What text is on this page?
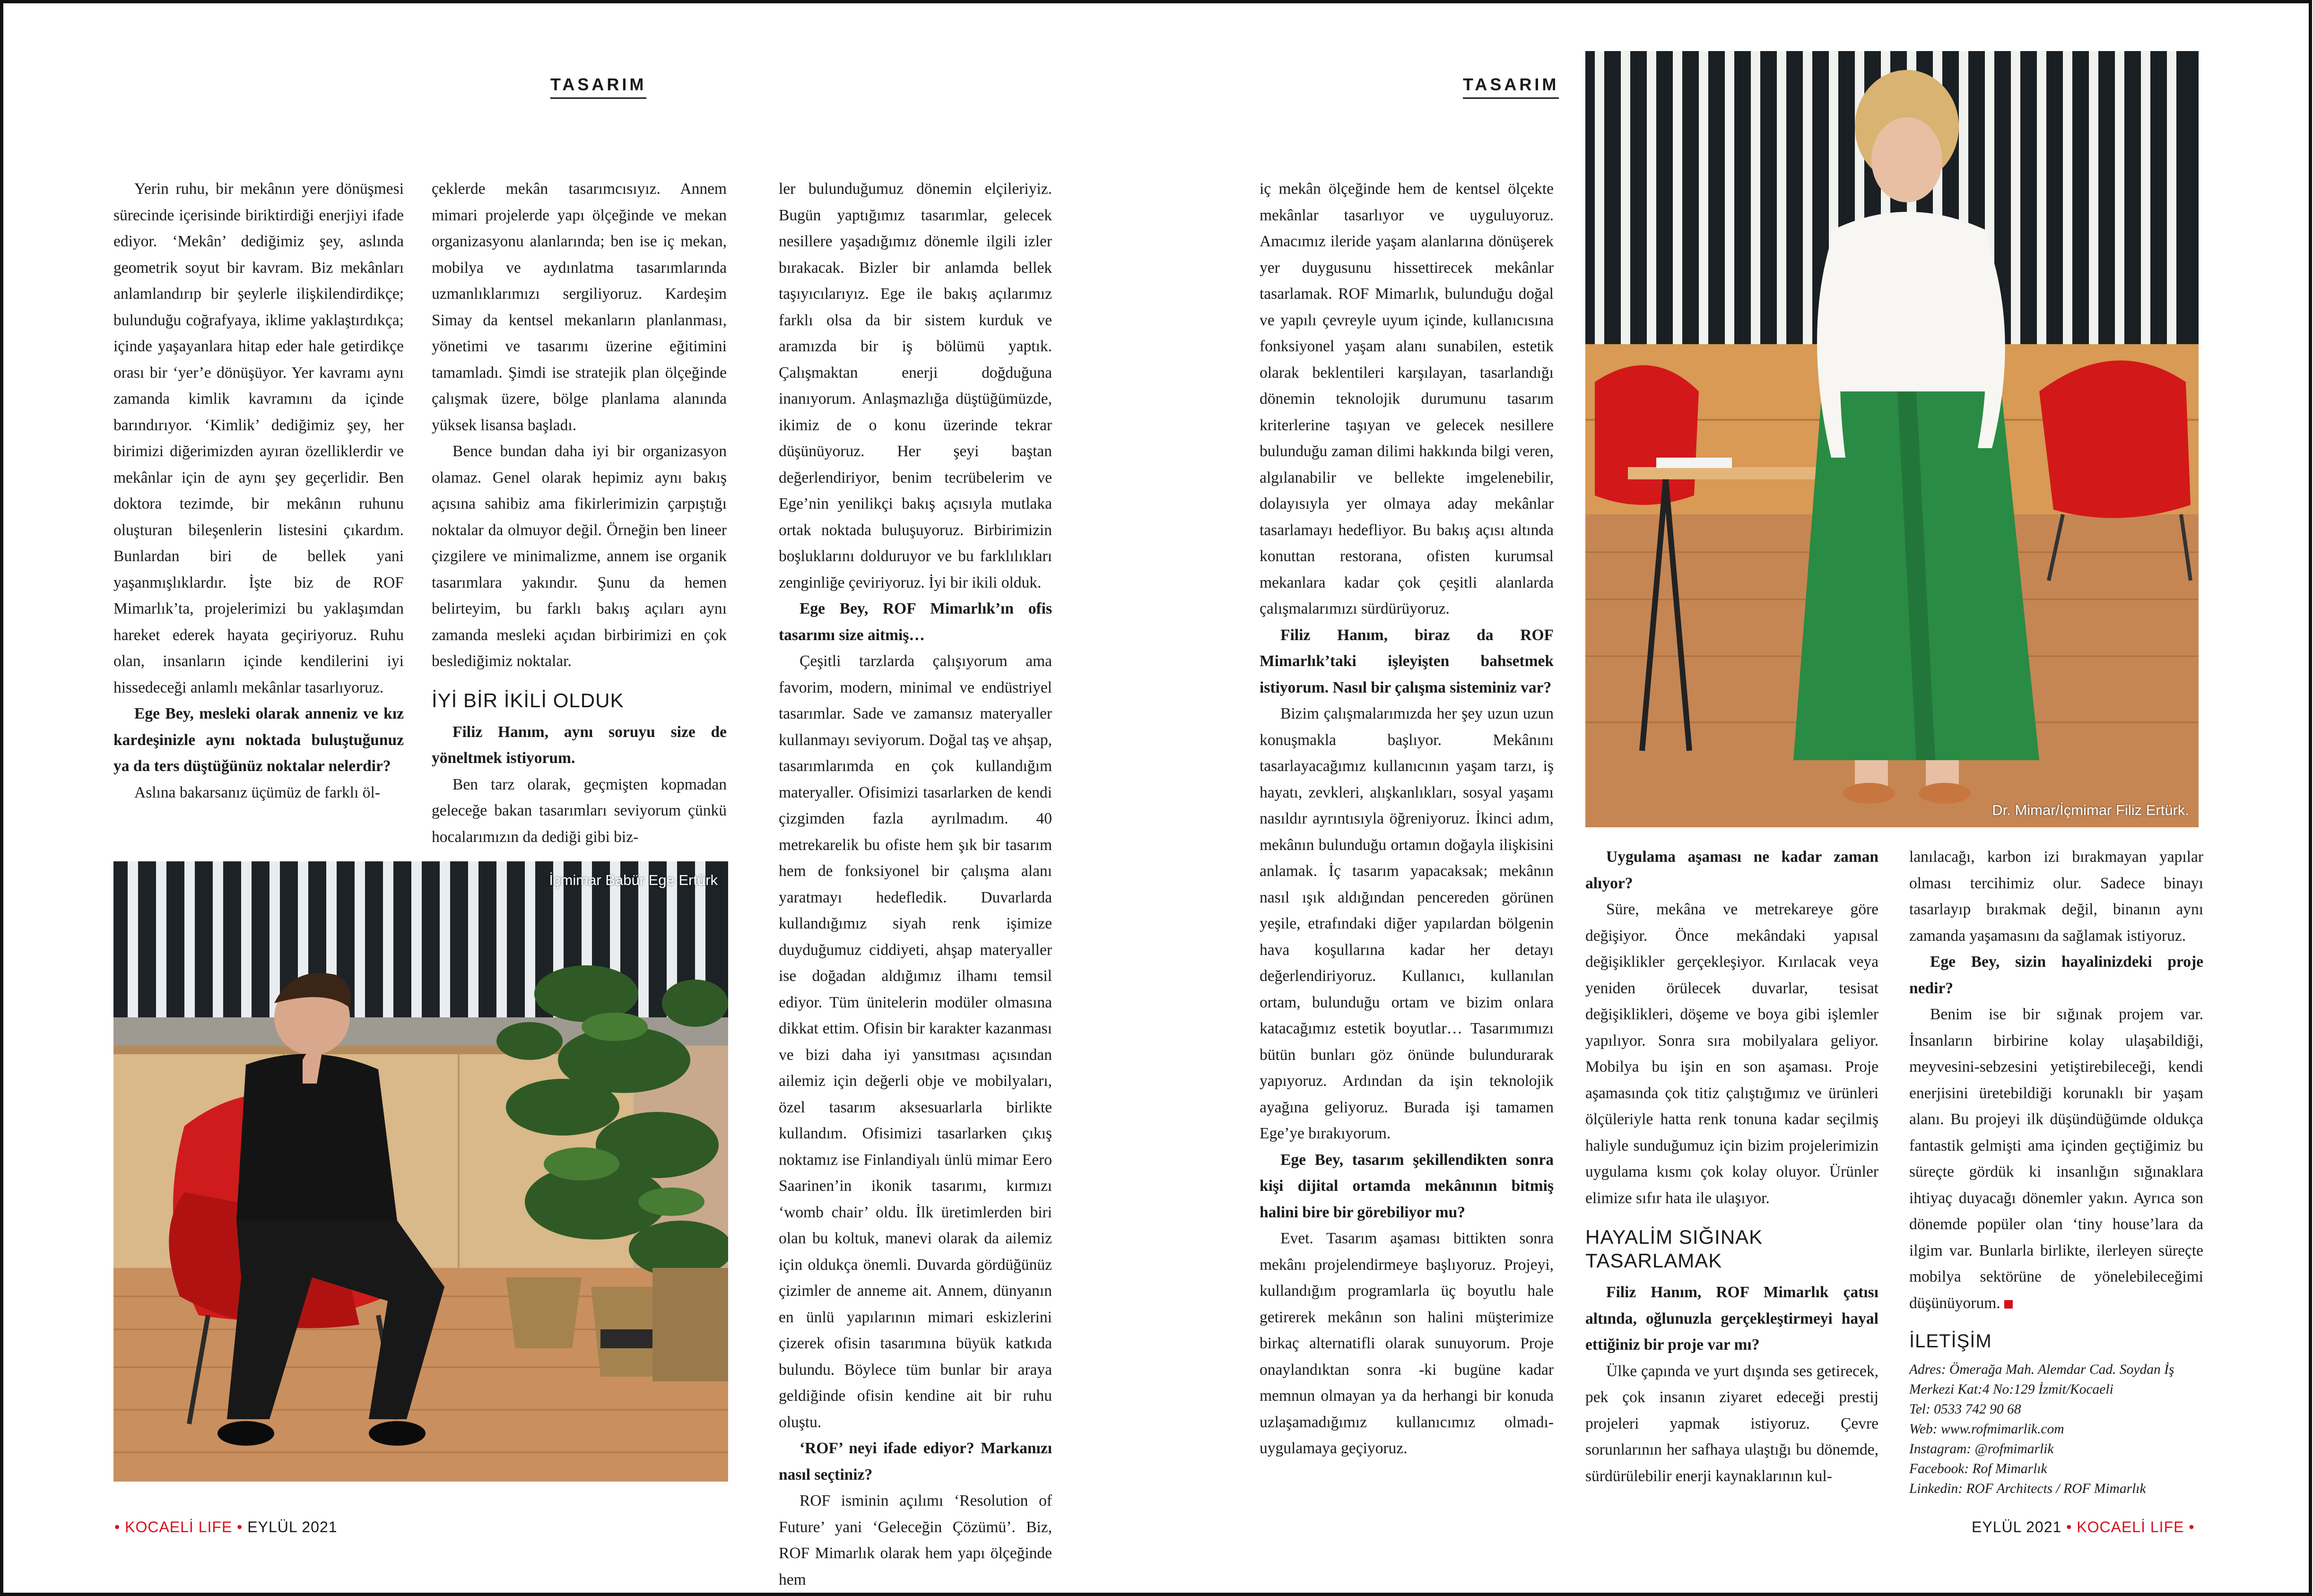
TASARIM

Yerin ruhu, bir mekânın yere dönüşmesi sürecinde içerisinde biriktirdiği enerjiyi ifade ediyor. ‘Mekân’ dediğimiz şey, aslında geometrik soyut bir kavram. Biz mekânları anlamlandırıp bir şeylerle ilişkilendirdikçe; bulunduğu coğrafyaya, iklime yaklaştırdıkça; içinde yaşayanlara hitap eder hale getirdikçe orası bir ‘yer’e dönüşüyor. Yer kavramı aynı zamanda kimlik kavramını da içinde barındırıyor. ‘Kimlik’ dediğimiz şey, her birimizi diğerimizden ayıran özelliklerdir ve mekânlar için de aynı şey geçerlidir. Ben doktora tezimde, bir mekânın ruhunu oluşturan bileşenlerin listesini çıkardım. Bunlardan biri de bellek yani yaşanmışlıklardır. İşte biz de ROF Mimarlık’ta, projelerimizi bu yaklaşımdan hareket ederek hayata geçiriyoruz. Ruhu olan, insanların içinde kendilerini iyi hissedeceği anlamlı mekânlar tasarlıyoruz.

Ege Bey, mesleki olarak anneniz ve kız kardeşinizle aynı noktada buluştuğunuz ya da ters düştüğünüz noktalar nelerdir?

Aslına bakarsanız üçümüz de farklı öl-

çeklerde mekân tasarımcısıyız. Annem mimari projelerde yapı ölçeğinde ve mekan organizasyonu alanlarında; ben ise iç mekan, mobilya ve aydınlatma tasarımlarında uzmanlıklarımızı sergiliyoruz. Kardeşim Simay da kentsel mekanların planlanması, yönetimi ve tasarımı üzerine eğitimini tamamladı. Şimdi ise stratejik plan ölçeğinde çalışmak üzere, bölge planlama alanında yüksek lisansa başladı.

Bence bundan daha iyi bir organizasyon olamaz. Genel olarak hepimiz aynı bakış açısına sahibiz ama fikirlerimizin çarpıştığı noktalar da olmuyor değil. Örneğin ben lineer çizgilere ve minimalizme, annem ise organik tasarımlara yakındır. Şunu da hemen belirteyim, bu farklı bakış açıları aynı zamanda mesleki açıdan birbirimizi en çok beslediğimiz noktalar.

İYİ BİR İKİLİ OLDUK

Filiz Hanım, aynı soruyu size de yöneltmek istiyorum.

Ben tarz olarak, geçmişten kopmadan geleceğe bakan tasarımları seviyorum çünkü hocalarımızın da dediği gibi biz-

ler bulunduğumuz dönemin elçileriyiz. Bugün yaptığımız tasarımlar, gelecek nesillere yaşadığımız dönemle ilgili izler bırakacak. Bizler bir anlamda bellek taşıyıcılarıyız. Ege ile bakış açılarımız farklı olsa da bir sistem kurduk ve aramızda bir iş bölümü yaptık. Çalışmaktan enerji doğduğuna inanıyorum. Anlaşmazlığa düştüğümüzde, ikimiz de o konu üzerinde tekrar düşünüyoruz. Her şeyi baştan değerlendiriyor, benim tecrübelerim ve Ege’nin yenilikçi bakış açısıyla mutlaka ortak noktada buluşuyoruz. Birbirimizin boşluklarını dolduruyor ve bu farklılıkları zenginliğe çeviriyoruz. İyi bir ikili olduk.

Ege Bey, ROF Mimarlık’ın ofis tasarımı size aitmiş…

Çeşitli tarzlarda çalışıyorum ama favorim, modern, minimal ve endüstriyel tasarımlar. Sade ve zamansız materyaller kullanmayı seviyorum. Doğal taş ve ahşap, tasarımlarımda en çok kullandığım materyaller. Ofisimizi tasarlarken de kendi çizgimden fazla ayrılmadım. 40 metrekarelik bu ofiste hem şık bir tasarım hem de fonksiyonel bir çalışma alanı yaratmayı hedefledik. Duvarlarda kullandığımız siyah renk işimize duyduğumuz ciddiyeti, ahşap materyaller ise doğadan aldığımız ilhamı temsil ediyor. Tüm ünitelerin modüler olmasına dikkat ettim. Ofisin bir karakter kazanması ve bizi daha iyi yansıtması açısından ailemiz için değerli obje ve mobilyaları, özel tasarım aksesuarlarla birlikte kullandım. Ofisimizi tasarlarken çıkış noktamız ise Finlandiyalı ünlü mimar Eero Saarinen’in ikonik tasarımı, kırmızı ‘womb chair’ oldu. İlk üretimlerden biri olan bu koltuk, manevi olarak da ailemiz için oldukça önemli. Duvarda gördüğünüz çizimler de anneme ait. Annem, dünyanın en ünlü yapılarının mimari eskizlerini çizerek ofisin tasarımına büyük katkıda bulundu. Böylece tüm bunlar bir araya geldiğinde ofisin kendine ait bir ruhu oluştu.

‘ROF’ neyi ifade ediyor? Markanızı nasıl seçtiniz?

ROF isminin açılımı ‘Resolution of Future’ yani ‘Geleceğin Çözümü’. Biz, ROF Mimarlık olarak hem yapı ölçeğinde hem

İçmimar Babür Ege Ertürk
• KOCAELİ LIFE • EYLÜL 2021
TASARIM
Dr. Mimar/İçmimar Filiz Ertürk.

iç mekân ölçeğinde hem de kentsel ölçekte mekânlar tasarlıyor ve uyguluyoruz. Amacımız ileride yaşam alanlarına dönüşerek yer duygusunu hissettirecek mekânlar tasarlamak. ROF Mimarlık, bulunduğu doğal ve yapılı çevreyle uyum içinde, kullanıcısına fonksiyonel yaşam alanı sunabilen, estetik olarak beklentileri karşılayan, tasarlandığı dönemin teknolojik durumunu tasarım kriterlerine taşıyan ve gelecek nesillere bulunduğu zaman dilimi hakkında bilgi veren, algılanabilir ve bellekte imgelenebilir, dolayısıyla yer olmaya aday mekânlar tasarlamayı hedefliyor. Bu bakış açısı altında konuttan restorana, ofisten kurumsal mekanlara kadar çok çeşitli alanlarda çalışmalarımızı sürdürüyoruz.

Filiz Hanım, biraz da ROF Mimarlık’taki işleyişten bahsetmek istiyorum. Nasıl bir çalışma sisteminiz var?

Bizim çalışmalarımızda her şey uzun uzun konuşmakla başlıyor. Mekânını tasarlayacağımız kullanıcının yaşam tarzı, iş hayatı, zevkleri, alışkanlıkları, sosyal yaşamı nasıldır ayrıntısıyla öğreniyoruz. İkinci adım, mekânın bulunduğu ortamın doğayla ilişkisini anlamak. İç tasarım yapacaksak; mekânın nasıl ışık aldığından pencereden görünen yeşile, etrafındaki diğer yapılardan bölgenin hava koşullarına kadar her detayı değerlendiriyoruz. Kullanıcı, kullanılan ortam, bulunduğu ortam ve bizim onlara katacağımız estetik boyutlar… Tasarımımızı bütün bunları göz önünde bulundurarak yapıyoruz. Ardından da işin teknolojik ayağına geliyoruz. Burada işi tamamen Ege’ye bırakıyorum.

Ege Bey, tasarım şekillendikten sonra kişi dijital ortamda mekânının bitmiş halini bire bir görebiliyor mu?

Evet. Tasarım aşaması bittikten sonra mekânı projelendirmeye başlıyoruz. Projeyi, kullandığım programlarla üç boyutlu hale getirerek mekânın son halini müşterimize birkaç alternatifli olarak sunuyorum. Proje onaylandıktan sonra -ki bugüne kadar memnun olmayan ya da herhangi bir konuda uzlaşamadığımız kullanıcımız olmadı- uygulamaya geçiyoruz.

Uygulama aşaması ne kadar zaman alıyor?

Süre, mekâna ve metrekareye göre değişiyor. Önce mekândaki yapısal değişiklikler gerçekleşiyor. Kırılacak veya yeniden örülecek duvarlar, tesisat değişiklikleri, döşeme ve boya gibi işlemler yapılıyor. Sonra sıra mobilyalara geliyor. Mobilya bu işin en son aşaması. Proje aşamasında çok titiz çalıştığımız ve ürünleri ölçüleriyle hatta renk tonuna kadar seçilmiş haliyle sunduğumuz için bizim projelerimizin uygulama kısmı çok kolay oluyor. Ürünler elimize sıfır hata ile ulaşıyor.

HAYALİM SIĞINAK TASARLAMAK

Filiz Hanım, ROF Mimarlık çatısı altında, oğlunuzla gerçekleştirmeyi hayal ettiğiniz bir proje var mı?

Ülke çapında ve yurt dışında ses getirecek, pek çok insanın ziyaret edeceği prestij projeleri yapmak istiyoruz. Çevre sorunlarının her safhaya ulaştığı bu dönemde, sürdürülebilir enerji kaynaklarının kul-

lanılacağı, karbon izi bırakmayan yapılar olması tercihimiz olur. Sadece binayı tasarlayıp bırakmak değil, binanın aynı zamanda yaşamasını da sağlamak istiyoruz.

Ege Bey, sizin hayalinizdeki proje nedir?

Benim ise bir sığınak projem var. İnsanların birbirine kolay ulaşabildiği, meyvesini-sebzesini yetiştirebileceği, kendi enerjisini üretebildiği korunaklı bir yaşam alanı. Bu projeyi ilk düşündüğümde oldukça fantastik gelmişti ama içinden geçtiğimiz bu süreçte gördük ki insanlığın sığınaklara ihtiyaç duyacağı dönemler yakın. Ayrıca son dönemde popüler olan ‘tiny house’lara da ilgim var. Bunlarla birlikte, ilerleyen süreçte mobilya sektörüne de yönelebileceğimi düşünüyorum.

İLETİŞİM
Adres: Ömerağa Mah. Alemdar Cad. Soydan İş
Merkezi Kat:4 No:129 İzmit/Kocaeli
Tel: 0533 742 90 68
Web: www.rofmimarlik.com
Instagram: @rofmimarlik
Facebook: Rof Mimarlık
Linkedin: ROF Architects / ROF Mimarlık
EYLÜL 2021 • KOCAELİ LIFE •
